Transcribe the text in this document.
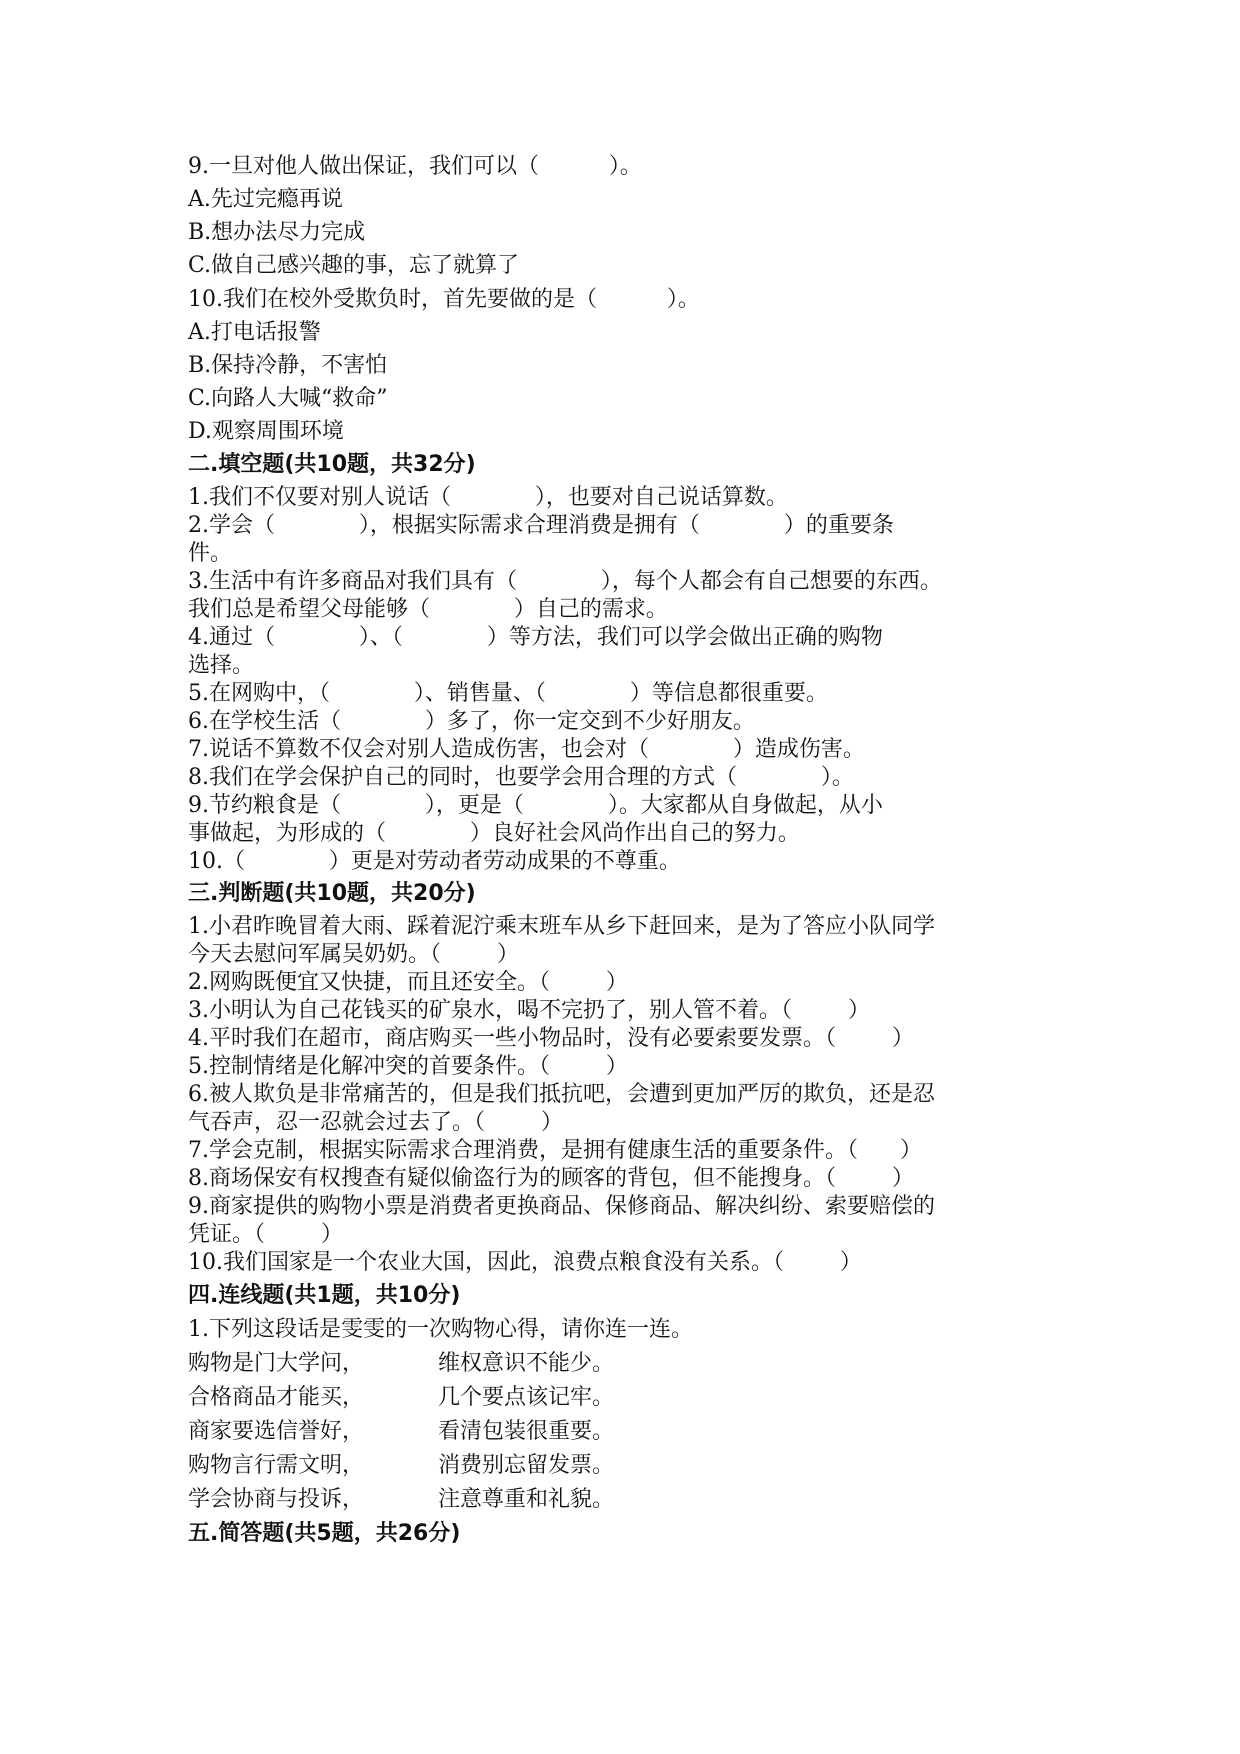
9.一旦对他人做出保证，我们可以（          ）。
A.先过完瘾再说
B.想办法尽力完成
C.做自己感兴趣的事，忘了就算了
10.我们在校外受欺负时，首先要做的是（          ）。
A.打电话报警
B.保持冷静，不害怕
C.向路人大喊“救命”
D.观察周围环境
二.填空题(共10题，共32分)
1.我们不仅要对别人说话（            ），也要对自己说话算数。
2.学会（            ），根据实际需求合理消费是拥有（            ）的重要条
件。
3.生活中有许多商品对我们具有（            ），每个人都会有自己想要的东西。
我们总是希望父母能够（            ）自己的需求。
4.通过（            ）、（            ）等方法，我们可以学会做出正确的购物
选择。
5.在网购中，（            ）、销售量、（            ）等信息都很重要。
6.在学校生活（            ）多了，你一定交到不少好朋友。
7.说话不算数不仅会对别人造成伤害，也会对（            ）造成伤害。
8.我们在学会保护自己的同时，也要学会用合理的方式（            ）。
9.节约粮食是（            ），更是（            ）。大家都从自身做起，从小
事做起，为形成的（            ）良好社会风尚作出自己的努力。
10.（            ）更是对劳动者劳动成果的不尊重。
三.判断题(共10题，共20分)
1.小君昨晚冒着大雨、踩着泥泞乘末班车从乡下赶回来，是为了答应小队同学
今天去慰问军属吴奶奶。（        ）
2.网购既便宜又快捷，而且还安全。（        ）
3.小明认为自己花钱买的矿泉水，喝不完扔了，别人管不着。（        ）
4.平时我们在超市，商店购买一些小物品时，没有必要索要发票。（        ）
5.控制情绪是化解冲突的首要条件。（        ）
6.被人欺负是非常痛苦的，但是我们抵抗吧，会遭到更加严厉的欺负，还是忍
气吞声，忍一忍就会过去了。（        ）
7.学会克制，根据实际需求合理消费，是拥有健康生活的重要条件。（      ）
8.商场保安有权搜查有疑似偷盗行为的顾客的背包，但不能搜身。（        ）
9.商家提供的购物小票是消费者更换商品、保修商品、解决纠纷、索要赔偿的
凭证。（        ）
10.我们国家是一个农业大国，因此，浪费点粮食没有关系。（        ）
四.连线题(共1题，共10分)
1.下列这段话是雯雯的一次购物心得，请你连一连。
购物是门大学问，	维权意识不能少。
合格商品才能买，	几个要点该记牢。
商家要选信誉好，	看清包装很重要。
购物言行需文明，	消费别忘留发票。
学会协商与投诉，	注意尊重和礼貌。
五.简答题(共5题，共26分)
